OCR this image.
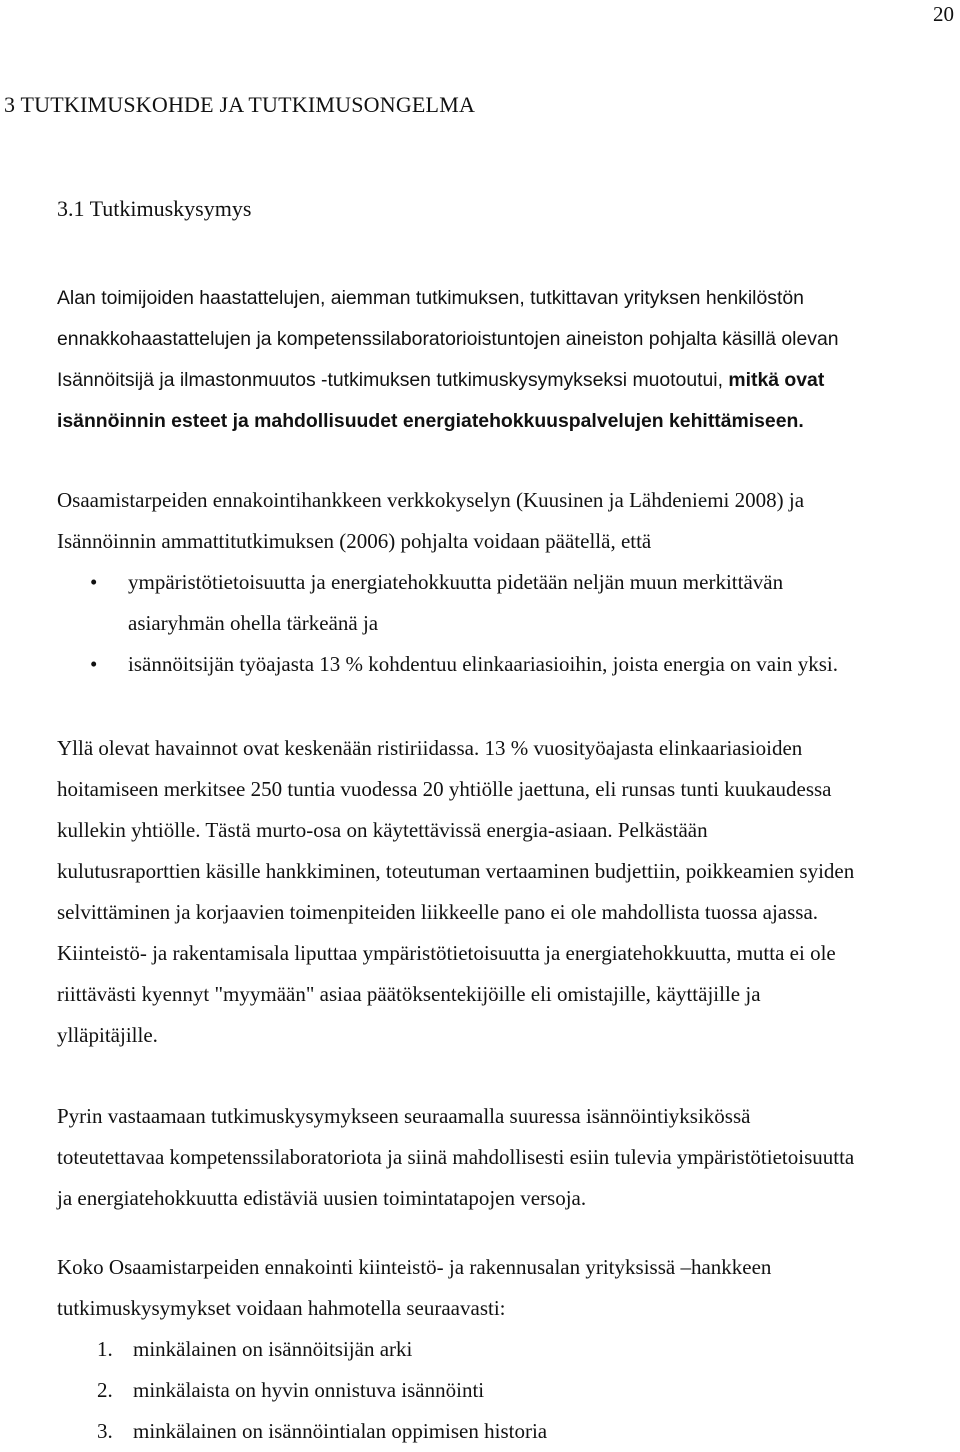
20
3 TUTKIMUSKOHDE JA TUTKIMUSONGELMA
3.1 Tutkimuskysymys

Alan toimijoiden haastattelujen, aiemman tutkimuksen, tutkittavan yrityksen henkilöstön
ennakkohaastattelujen ja kompetenssilaboratorioistuntojen aineiston pohjalta käsillä olevan
Isännöitsijä ja ilmastonmuutos -tutkimuksen tutkimuskysymykseksi muotoutui, mitkä ovat
isännöinnin esteet ja mahdollisuudet energiatehokkuuspalvelujen kehittämiseen.

Osaamistarpeiden ennakointihankkeen verkkokyselyn (Kuusinen ja Lähdeniemi 2008) ja
Isännöinnin ammattitutkimuksen (2006) pohjalta voidaan päätellä, että

• ympäristötietoisuutta ja energiatehokkuutta pidetään neljän muun merkittävän
asiaryhmän ohella tärkeänä ja
• isännöitsijän työajasta 13 % kohdentuu elinkaariasioihin, joista energia on vain yksi.

Yllä olevat havainnot ovat keskenään ristiriidassa. 13 % vuosityöajasta elinkaariasioiden
hoitamiseen merkitsee 250 tuntia vuodessa 20 yhtiölle jaettuna, eli runsas tunti kuukaudessa
kullekin yhtiölle. Tästä murto-osa on käytettävissä energia-asiaan. Pelkästään
kulutusraporttien käsille hankkiminen, toteutuman vertaaminen budjettiin, poikkeamien syiden
selvittäminen ja korjaavien toimenpiteiden liikkeelle pano ei ole mahdollista tuossa ajassa.
Kiinteistö- ja rakentamisala liputtaa ympäristötietoisuutta ja energiatehokkuutta, mutta ei ole
riittävästi kyennyt "myymään" asiaa päätöksentekijöille eli omistajille, käyttäjille ja
ylläpitäjille.

Pyrin vastaamaan tutkimuskysymykseen seuraamalla suuressa isännöintiyksikössä
toteutettavaa kompetenssilaboratoriota ja siinä mahdollisesti esiin tulevia ympäristötietoisuutta
ja energiatehokkuutta edistäviä uusien toimintatapojen versoja.

Koko Osaamistarpeiden ennakointi kiinteistö- ja rakennusalan yrityksissä –hankkeen
tutkimuskysymykset voidaan hahmotella seuraavasti:

1. minkälainen on isännöitsijän arki
2. minkälaista on hyvin onnistuva isännöinti
3. minkälainen on isännöintialan oppimisen historia
